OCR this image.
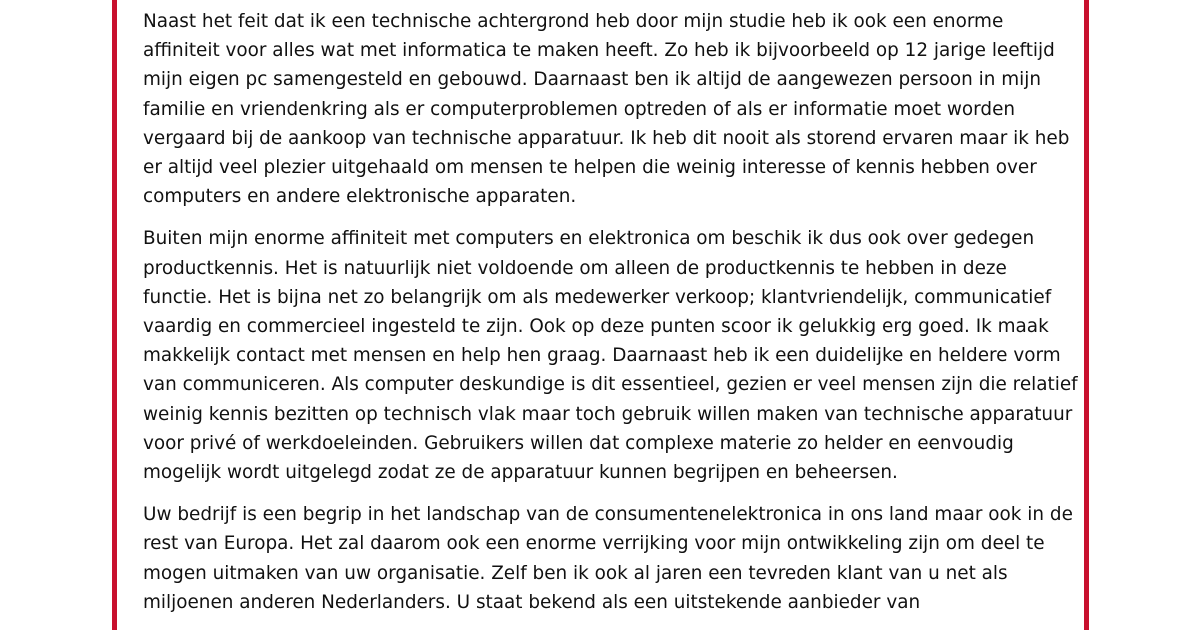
Naast het feit dat ik een technische achtergrond heb door mijn studie heb ik ook een enorme
affiniteit voor alles wat met informatica te maken heeft. Zo heb ik bijvoorbeeld op 12 jarige leeftijd
mijn eigen pc samengesteld en gebouwd. Daarnaast ben ik altijd de aangewezen persoon in mijn
familie en vriendenkring als er computerproblemen optreden of als er informatie moet worden
vergaard bij de aankoop van technische apparatuur. Ik heb dit nooit als storend ervaren maar ik heb
er altijd veel plezier uitgehaald om mensen te helpen die weinig interesse of kennis hebben over
computers en andere elektronische apparaten.

Buiten mijn enorme affiniteit met computers en elektronica om beschik ik dus ook over gedegen
productkennis. Het is natuurlijk niet voldoende om alleen de productkennis te hebben in deze
functie. Het is bijna net zo belangrijk om als medewerker verkoop; klantvriendelijk, communicatief
vaardig en commercieel ingesteld te zijn. Ook op deze punten scoor ik gelukkig erg goed. Ik maak
makkelijk contact met mensen en help hen graag. Daarnaast heb ik een duidelijke en heldere vorm
van communiceren. Als computer deskundige is dit essentieel, gezien er veel mensen zijn die relatief
weinig kennis bezitten op technisch vlak maar toch gebruik willen maken van technische apparatuur
voor privé of werkdoeleinden. Gebruikers willen dat complexe materie zo helder en eenvoudig
mogelijk wordt uitgelegd zodat ze de apparatuur kunnen begrijpen en beheersen.

Uw bedrijf is een begrip in het landschap van de consumentenelektronica in ons land maar ook in de
rest van Europa. Het zal daarom ook een enorme verrijking voor mijn ontwikkeling zijn om deel te
mogen uitmaken van uw organisatie. Zelf ben ik ook al jaren een tevreden klant van u net als
miljoenen anderen Nederlanders. U staat bekend als een uitstekende aanbieder van
